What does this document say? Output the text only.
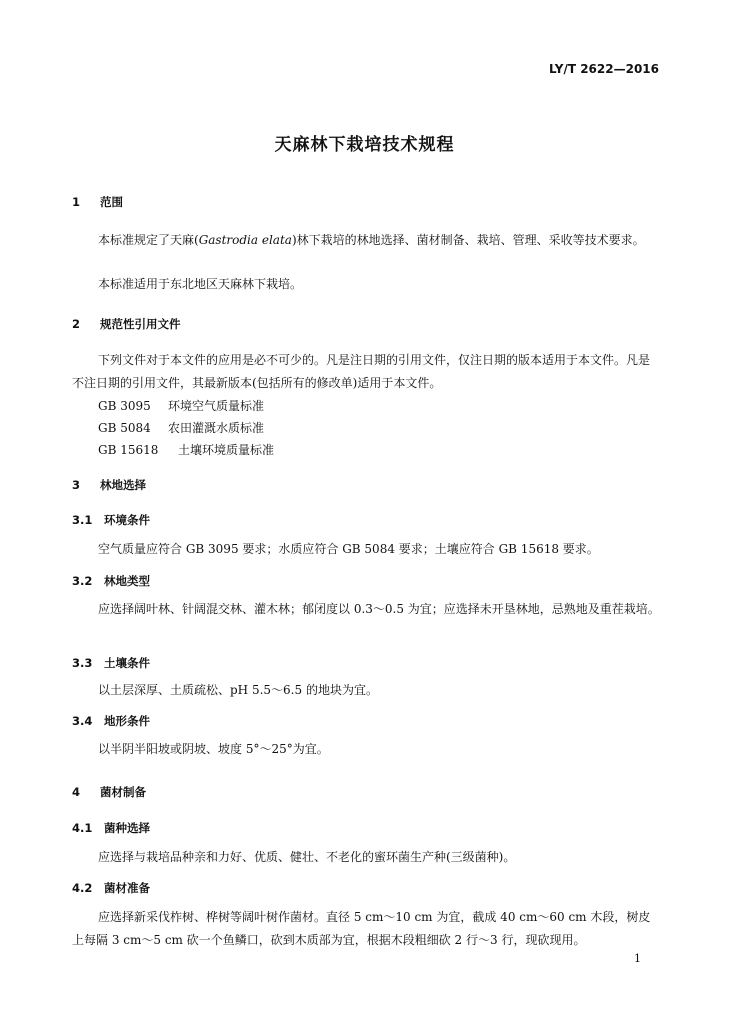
LY/T 2622—2016
天麻林下栽培技术规程
1 范围
本标准规定了天麻(Gastrodia elata)林下栽培的林地选择、菌材制备、栽培、管理、采收等技术要求。
本标准适用于东北地区天麻林下栽培。
2 规范性引用文件
下列文件对于本文件的应用是必不可少的。凡是注日期的引用文件，仅注日期的版本适用于本文件。凡是不注日期的引用文件，其最新版本(包括所有的修改单)适用于本文件。
GB 3095 环境空气质量标准
GB 5084 农田灌溉水质标准
GB 15618 土壤环境质量标准
3 林地选择
3.1 环境条件
空气质量应符合 GB 3095 要求；水质应符合 GB 5084 要求；土壤应符合 GB 15618 要求。
3.2 林地类型
应选择阔叶林、针阔混交林、灌木林；郁闭度以 0.3～0.5 为宜；应选择未开垦林地，忌熟地及重茬栽培。
3.3 土壤条件
以土层深厚、土质疏松、pH 5.5～6.5 的地块为宜。
3.4 地形条件
以半阴半阳坡或阴坡、坡度 5°～25°为宜。
4 菌材制备
4.1 菌种选择
应选择与栽培品种亲和力好、优质、健壮、不老化的蜜环菌生产种(三级菌种)。
4.2 菌材准备
应选择新采伐柞树、桦树等阔叶树作菌材。直径 5 cm～10 cm 为宜，截成 40 cm～60 cm 木段，树皮上每隔 3 cm～5 cm 砍一个鱼鳞口，砍到木质部为宜，根据木段粗细砍 2 行～3 行，现砍现用。
1
